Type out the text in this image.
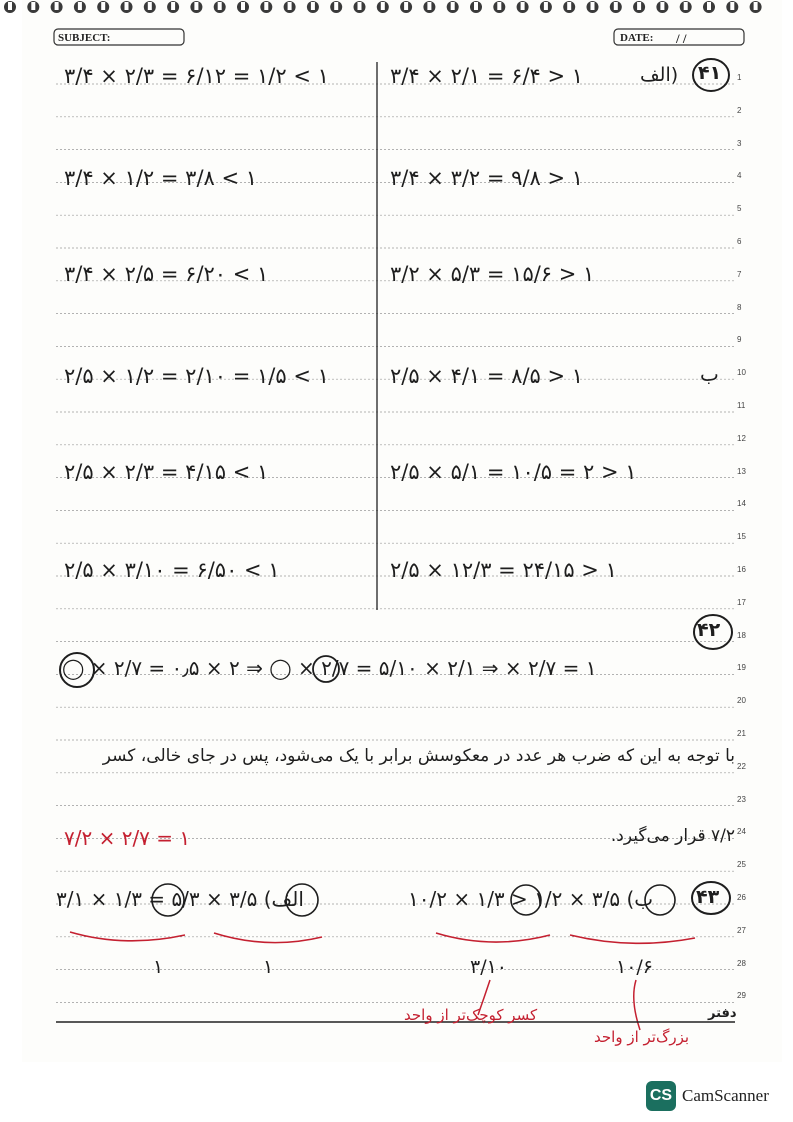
SUBJECT:	DATE: / /
1
2
3
4
5
6
7
8
9
10
11
12
13
14
15
16
17
18
19
20
21
22
23
24
25
26
27
28
29
۴۱
الف)
ب
۳/۴ × ۲/۳ = ۶/۱۲ = ۱/۲ < ۱	۳/۴ × ۲/۱ = ۶/۴ > ۱
۳/۴ × ۱/۲ = ۳/۸ < ۱	۳/۴ × ۳/۲ = ۹/۸ > ۱
۳/۴ × ۲/۵ = ۶/۲۰ < ۱	۳/۲ × ۵/۳ = ۱۵/۶ > ۱
۲/۵ × ۱/۲ = ۲/۱۰ = ۱/۵ < ۱	۲/۵ × ۴/۱ = ۸/۵ > ۱
۲/۵ × ۲/۳ = ۴/۱۵ < ۱	۲/۵ × ۵/۱ = ۱۰/۵ = ۲ > ۱
۲/۵ × ۳/۱۰ = ۶/۵۰ < ۱	۲/۵ × ۱۲/۳ = ۲۴/۱۵ > ۱
۴۲
◯ × ۲/۷ = ۰٫۵ × ۲ ⇒ ◯ × ۲/۷ = ۵/۱۰ × ۲/۱ ⇒ × ۲/۷ = ۱
با توجه به این که ضرب هر عدد در معکوسش برابر با یک می‌شود، پس در جای خالی، کسر
۷/۲ قرار می‌گیرد.
۷/۲ × ۲/۷ = ۱
۴۳
الف) ۳/۵ × ۵/۳ = ۱/۳ × ۳/۱	ب) ۳/۵ × ۱/۲ < ۱/۳ × ۱۰/۲
۱	۱	۳/۱۰	۱۰/۶
کسر کوچک‌تر از واحد
بزرگ‌تر از واحد
دفتر
CS CamScanner
